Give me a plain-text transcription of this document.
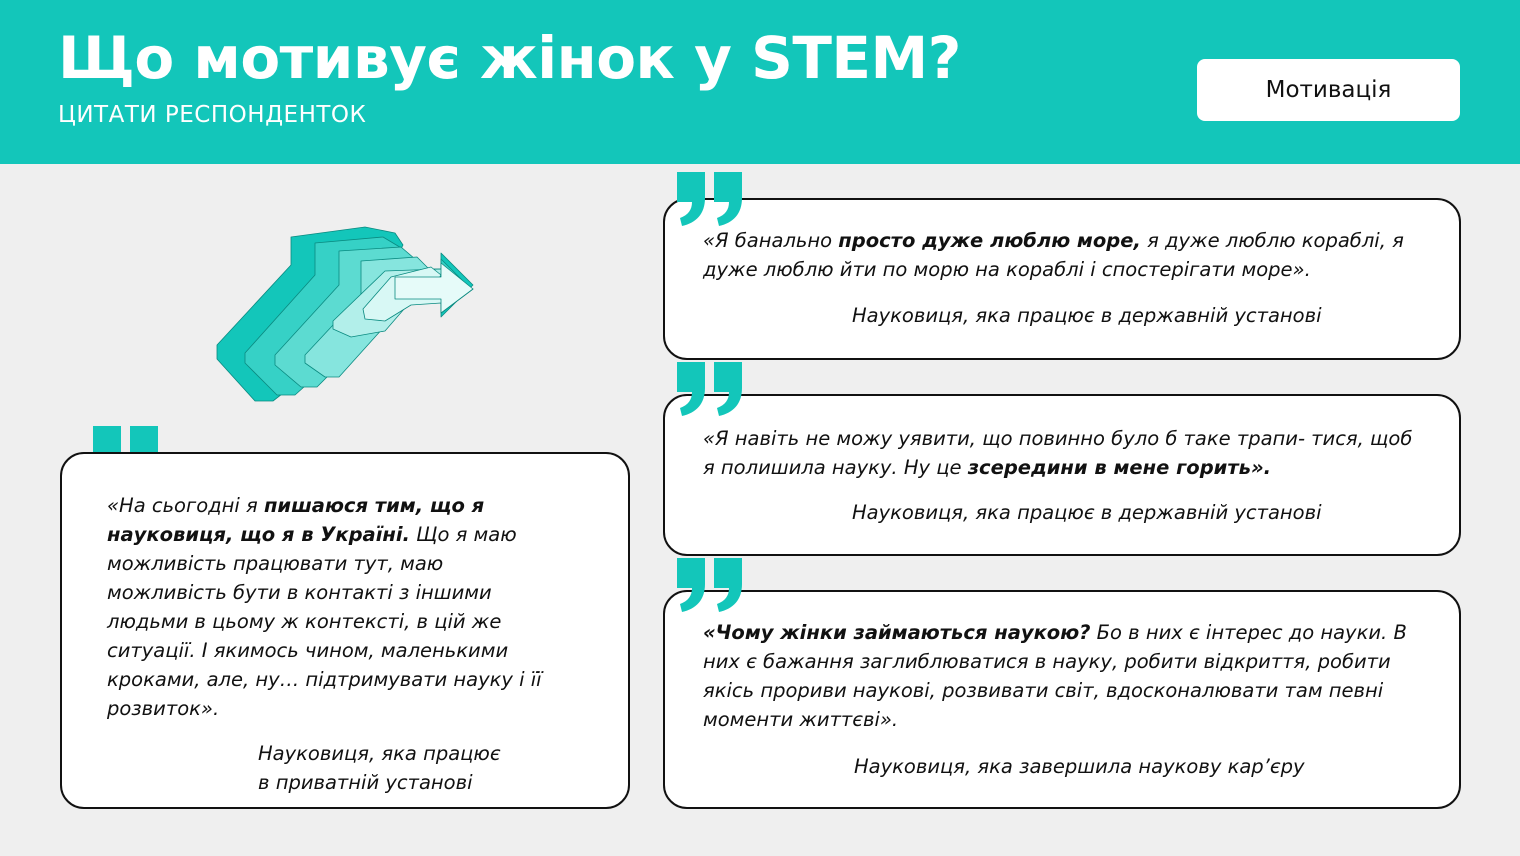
Що мотивує жінок у STEM?
ЦИТАТИ РЕСПОНДЕНТОК
Мотивація
«На сьогодні я пишаюся тим, що я науковиця, що я в Україні. Що я маю можливість працювати тут, маю можливість бути в контакті з іншими людьми в цьому ж контексті, в цій же ситуації. І якимось чином, маленькими кроками, але, ну… підтримувати науку і її розвиток».
Науковиця, яка працює
в приватній установі
«Я банально просто дуже люблю море, я дуже люблю кораблі, я дуже люблю йти по морю на кораблі і спостерігати море».
Науковиця, яка працює в державній установі
«Я навіть не можу уявити, що повинно було б таке трапи- тися, щоб я полишила науку. Ну це зсередини в мене горить».
Науковиця, яка працює в державній установі
«Чому жінки займаються наукою? Бо в них є інтерес до науки. В них є бажання заглиблюватися в науку, робити відкриття, робити якісь прориви наукові, розвивати світ, вдосконалювати там певні моменти життєві».
Науковиця, яка завершила наукову кар’єру
